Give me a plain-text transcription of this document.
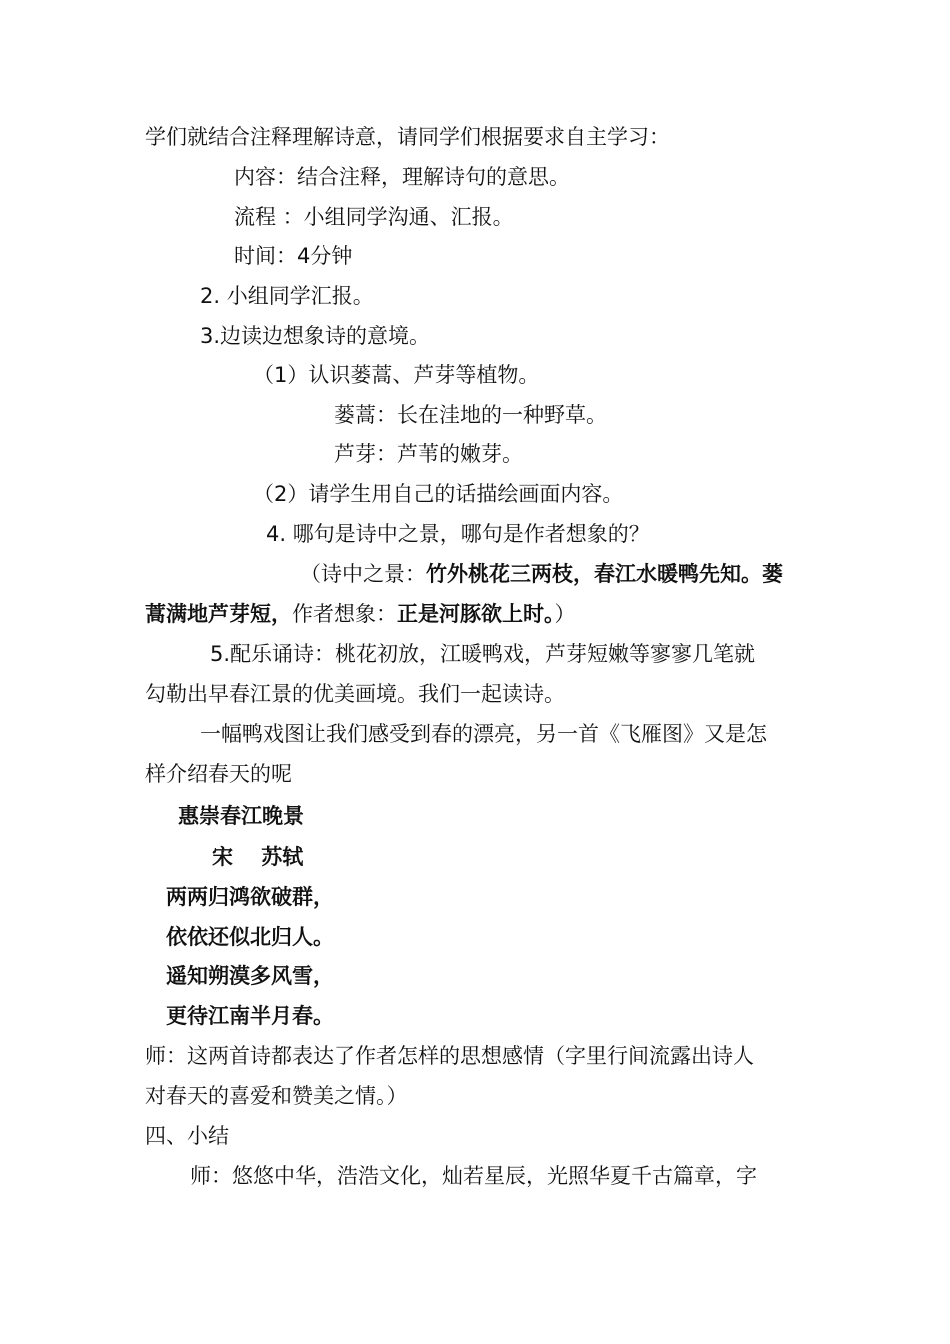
学们就结合注释理解诗意，请同学们根据要求自主学习：
内容：结合注释，理解诗句的意思。
流程 ：小组同学沟通、汇报。
时间：4分钟
2. 小组同学汇报。
3.边读边想象诗的意境。
（1）认识蒌蒿、芦芽等植物。
蒌蒿：长在洼地的一种野草。
芦芽：芦苇的嫩芽。
（2）请学生用自己的话描绘画面内容。
4. 哪句是诗中之景，哪句是作者想象的？
（诗中之景：竹外桃花三两枝，春江水暖鸭先知。蒌
蒿满地芦芽短，作者想象：正是河豚欲上时。）
5.配乐诵诗：桃花初放，江暖鸭戏，芦芽短嫩等寥寥几笔就
勾勒出早春江景的优美画境。我们一起读诗。
一幅鸭戏图让我们感受到春的漂亮，另一首《飞雁图》又是怎
样介绍春天的呢
惠崇春江晚景
宋　 苏轼
两两归鸿欲破群，
依依还似北归人。
遥知朔漠多风雪，
更待江南半月春。
师：这两首诗都表达了作者怎样的思想感情（字里行间流露出诗人
对春天的喜爱和赞美之情。）
四、小结
师：悠悠中华，浩浩文化，灿若星辰，光照华夏千古篇章，字
